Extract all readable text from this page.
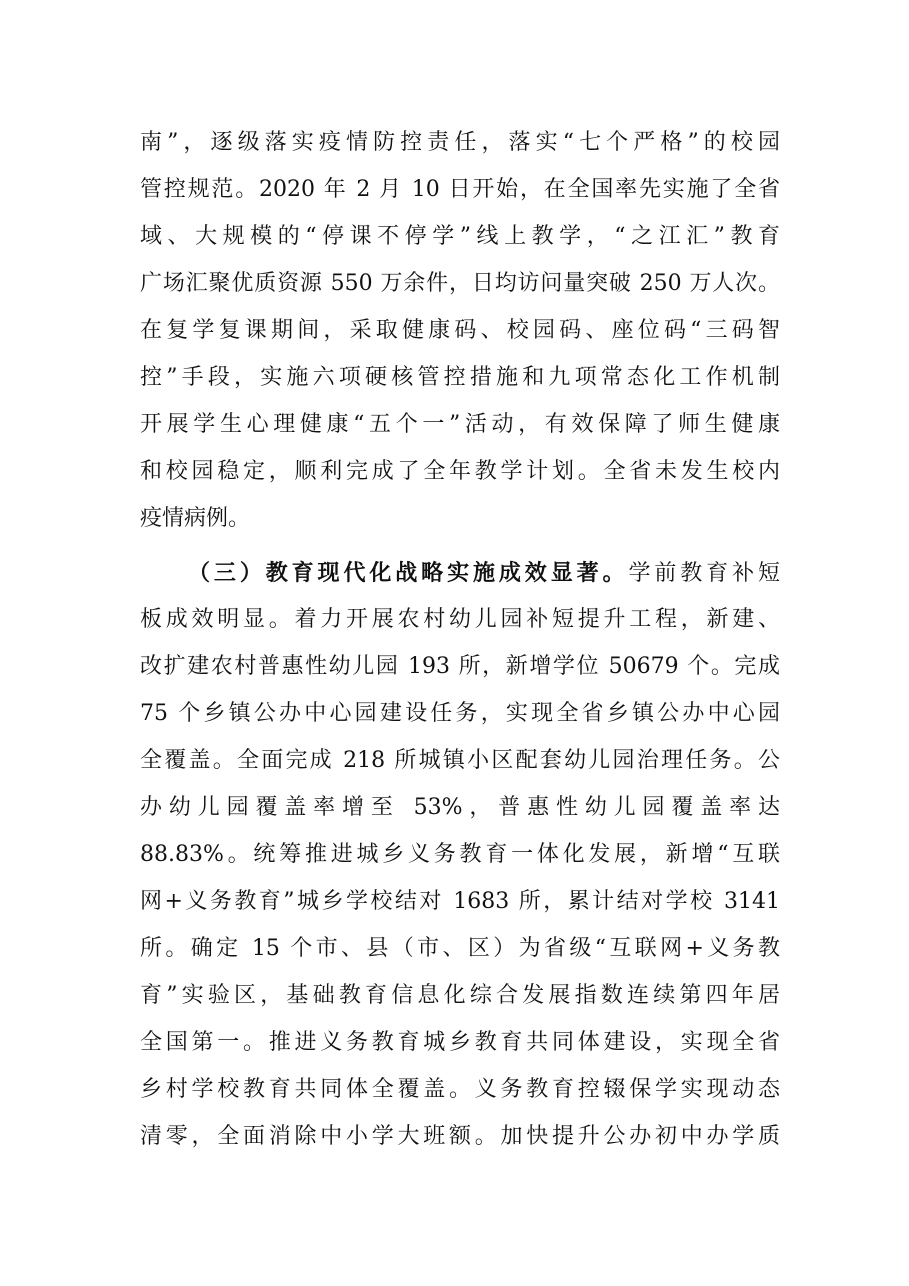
南”，逐级落实疫情防控责任，落实“七个严格”的校园
管控规范。2020 年 2 月 10 日开始，在全国率先实施了全省
域、大规模的“停课不停学”线上教学，“之江汇”教育
广场汇聚优质资源 550 万余件，日均访问量突破 250 万人次。
在复学复课期间，采取健康码、校园码、座位码“三码智
控”手段，实施六项硬核管控措施和九项常态化工作机制
开展学生心理健康“五个一”活动，有效保障了师生健康
和校园稳定，顺利完成了全年教学计划。全省未发生校内
疫情病例。
（三）教育现代化战略实施成效显著。学前教育补短
板成效明显。着力开展农村幼儿园补短提升工程，新建、
改扩建农村普惠性幼儿园 193 所，新增学位 50679 个。完成
75 个乡镇公办中心园建设任务，实现全省乡镇公办中心园
全覆盖。全面完成 218 所城镇小区配套幼儿园治理任务。公
办幼儿园覆盖率增至 53%，普惠性幼儿园覆盖率达
88.83%。统筹推进城乡义务教育一体化发展，新增“互联
网+义务教育”城乡学校结对 1683 所，累计结对学校 3141
所。确定 15 个市、县（市、区）为省级“互联网+义务教
育”实验区，基础教育信息化综合发展指数连续第四年居
全国第一。推进义务教育城乡教育共同体建设，实现全省
乡村学校教育共同体全覆盖。义务教育控辍保学实现动态
清零，全面消除中小学大班额。加快提升公办初中办学质
